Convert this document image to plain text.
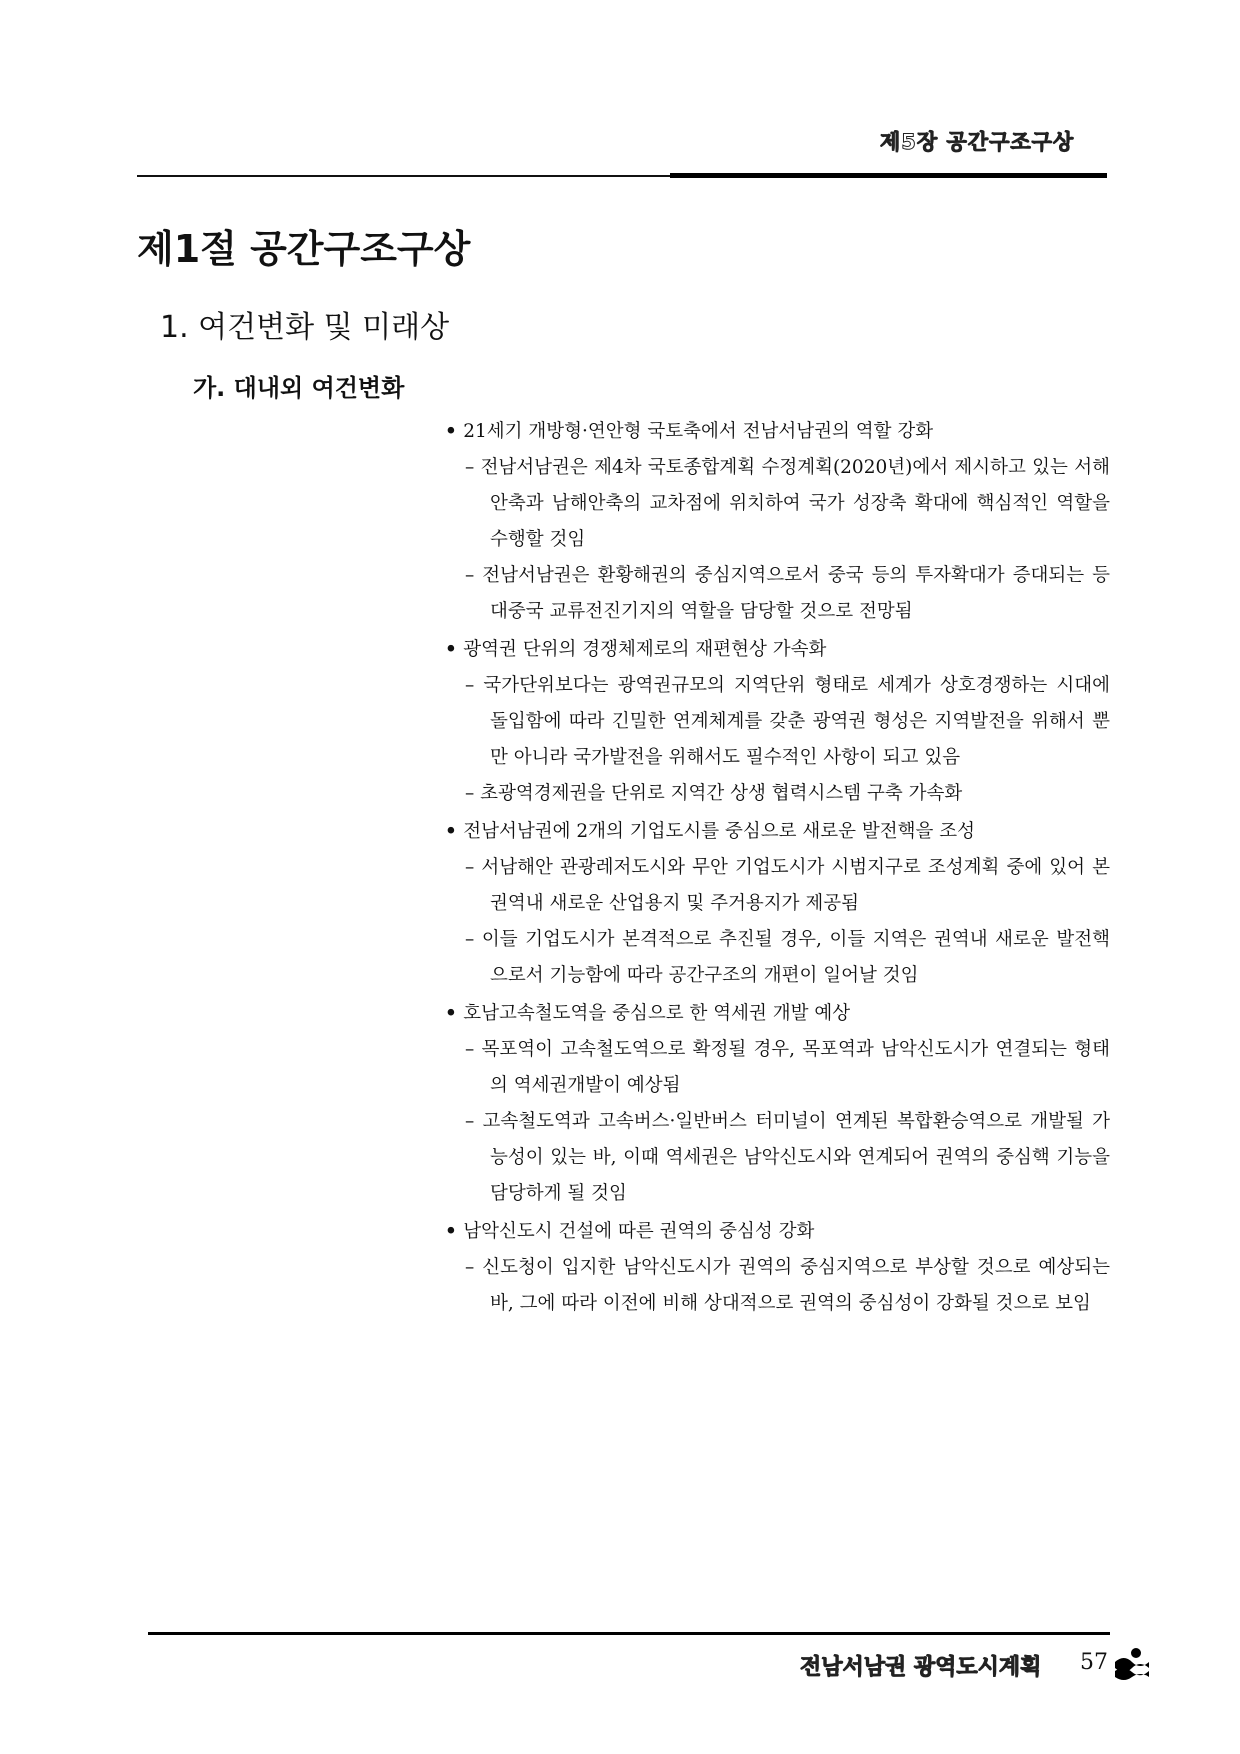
제5장 공간구조구상
제1절 공간구조구상
1. 여건변화 및 미래상
가. 대내외 여건변화
• 21세기 개방형·연안형 국토축에서 전남서남권의 역할 강화
– 전남서남권은 제4차 국토종합계획 수정계획(2020년)에서 제시하고 있는 서해안축과 남해안축의 교차점에 위치하여 국가 성장축 확대에 핵심적인 역할을 수행할 것임
– 전남서남권은 환황해권의 중심지역으로서 중국 등의 투자확대가 증대되는 등 대중국 교류전진기지의 역할을 담당할 것으로 전망됨
• 광역권 단위의 경쟁체제로의 재편현상 가속화
– 국가단위보다는 광역권규모의 지역단위 형태로 세계가 상호경쟁하는 시대에 돌입함에 따라 긴밀한 연계체계를 갖춘 광역권 형성은 지역발전을 위해서 뿐만 아니라 국가발전을 위해서도 필수적인 사항이 되고 있음
– 초광역경제권을 단위로 지역간 상생 협력시스템 구축 가속화
• 전남서남권에 2개의 기업도시를 중심으로 새로운 발전핵을 조성
– 서남해안 관광레저도시와 무안 기업도시가 시범지구로 조성계획 중에 있어 본 권역내 새로운 산업용지 및 주거용지가 제공됨
– 이들 기업도시가 본격적으로 추진될 경우, 이들 지역은 권역내 새로운 발전핵으로서 기능함에 따라 공간구조의 개편이 일어날 것임
• 호남고속철도역을 중심으로 한 역세권 개발 예상
– 목포역이 고속철도역으로 확정될 경우, 목포역과 남악신도시가 연결되는 형태의 역세권개발이 예상됨
– 고속철도역과 고속버스·일반버스 터미널이 연계된 복합환승역으로 개발될 가능성이 있는 바, 이때 역세권은 남악신도시와 연계되어 권역의 중심핵 기능을 담당하게 될 것임
• 남악신도시 건설에 따른 권역의 중심성 강화
– 신도청이 입지한 남악신도시가 권역의 중심지역으로 부상할 것으로 예상되는 바, 그에 따라 이전에 비해 상대적으로 권역의 중심성이 강화될 것으로 보임
전남서남권 광역도시계획 57
